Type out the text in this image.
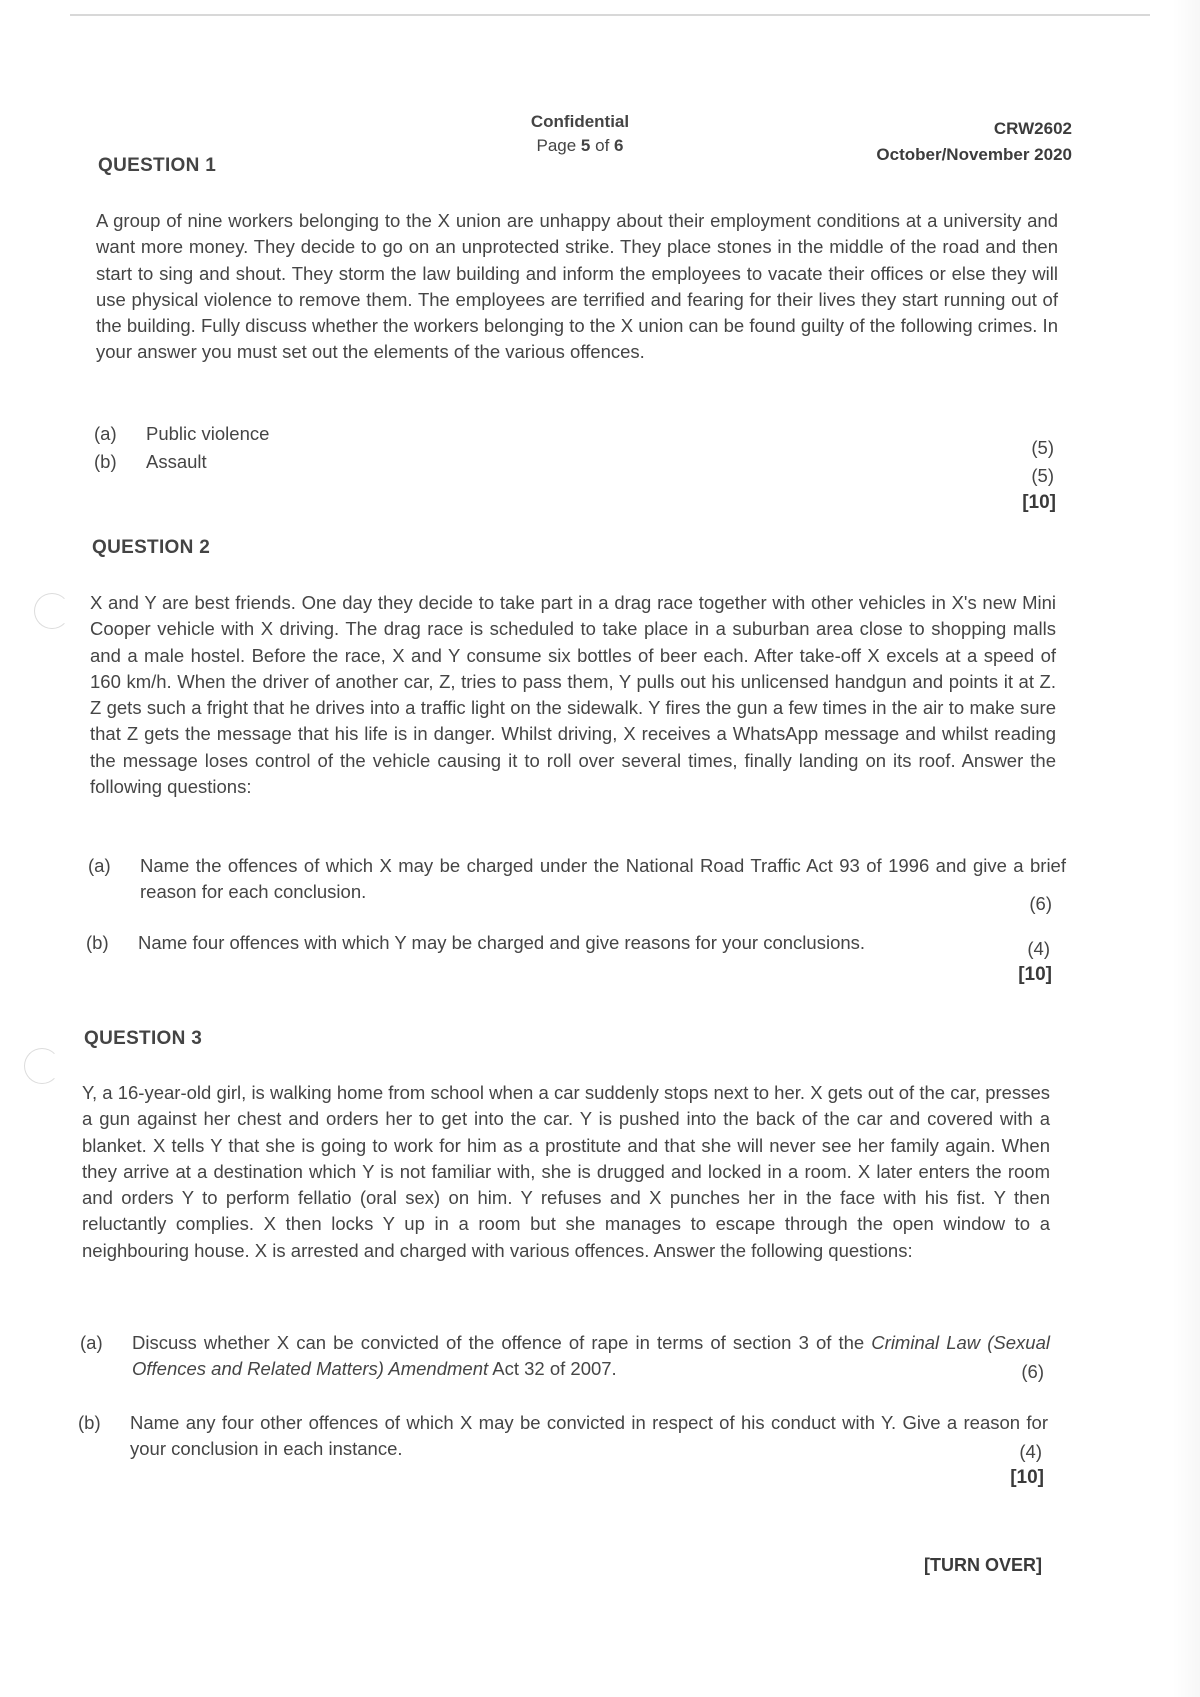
Confidential
Page 5 of 6
CRW2602
October/November 2020
QUESTION 1
A group of nine workers belonging to the X union are unhappy about their employment conditions at a university and want more money. They decide to go on an unprotected strike. They place stones in the middle of the road and then start to sing and shout. They storm the law building and inform the employees to vacate their offices or else they will use physical violence to remove them. The employees are terrified and fearing for their lives they start running out of the building. Fully discuss whether the workers belonging to the X union can be found guilty of the following crimes. In your answer you must set out the elements of the various offences.
(a) Public violence
(5)
(b) Assault
(5)
[10]
QUESTION 2
X and Y are best friends. One day they decide to take part in a drag race together with other vehicles in X's new Mini Cooper vehicle with X driving. The drag race is scheduled to take place in a suburban area close to shopping malls and a male hostel. Before the race, X and Y consume six bottles of beer each. After take-off X excels at a speed of 160 km/h. When the driver of another car, Z, tries to pass them, Y pulls out his unlicensed handgun and points it at Z. Z gets such a fright that he drives into a traffic light on the sidewalk. Y fires the gun a few times in the air to make sure that Z gets the message that his life is in danger. Whilst driving, X receives a WhatsApp message and whilst reading the message loses control of the vehicle causing it to roll over several times, finally landing on its roof. Answer the following questions:
(a) Name the offences of which X may be charged under the National Road Traffic Act 93 of 1996 and give a brief reason for each conclusion.
(6)
(b) Name four offences with which Y may be charged and give reasons for your conclusions.	(4)
[10]
QUESTION 3
Y, a 16-year-old girl, is walking home from school when a car suddenly stops next to her. X gets out of the car, presses a gun against her chest and orders her to get into the car. Y is pushed into the back of the car and covered with a blanket. X tells Y that she is going to work for him as a prostitute and that she will never see her family again. When they arrive at a destination which Y is not familiar with, she is drugged and locked in a room. X later enters the room and orders Y to perform fellatio (oral sex) on him. Y refuses and X punches her in the face with his fist. Y then reluctantly complies. X then locks Y up in a room but she manages to escape through the open window to a neighbouring house. X is arrested and charged with various offences. Answer the following questions:
(a) Discuss whether X can be convicted of the offence of rape in terms of section 3 of the Criminal Law (Sexual Offences and Related Matters) Amendment Act 32 of 2007.	(6)
(b) Name any four other offences of which X may be convicted in respect of his conduct with Y. Give a reason for your conclusion in each instance.	(4)
[10]
[TURN OVER]
